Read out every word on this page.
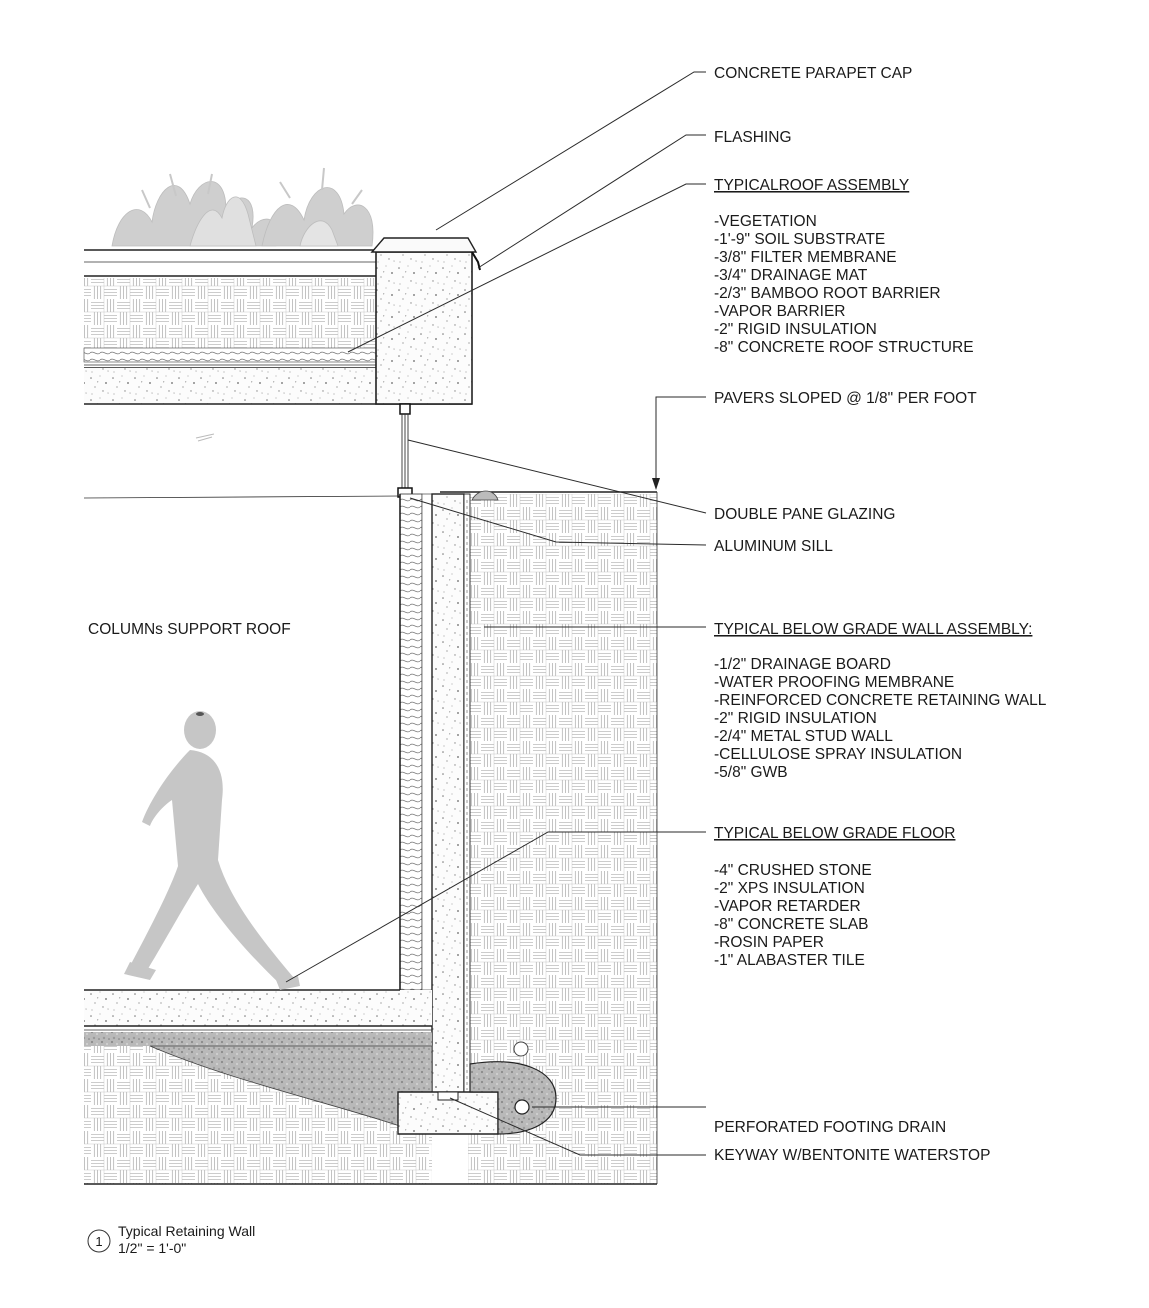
CONCRETE PARAPET CAP
FLASHING
TYPICALROOF ASSEMBLY
-VEGETATION
-1'-9" SOIL SUBSTRATE
-3/8" FILTER MEMBRANE
-3/4" DRAINAGE MAT
-2/3" BAMBOO ROOT BARRIER
-VAPOR BARRIER
-2" RIGID INSULATION
-8" CONCRETE ROOF STRUCTURE
PAVERS SLOPED @ 1/8" PER FOOT
DOUBLE PANE GLAZING
ALUMINUM SILL
COLUMNs SUPPORT ROOF	TYPICAL BELOW GRADE WALL ASSEMBLY:
-1/2" DRAINAGE BOARD
-WATER PROOFING MEMBRANE
-REINFORCED CONCRETE RETAINING WALL
-2" RIGID INSULATION
-2/4" METAL STUD WALL
-CELLULOSE SPRAY INSULATION
-5/8" GWB
TYPICAL BELOW GRADE FLOOR
-4" CRUSHED STONE
-2" XPS INSULATION
-VAPOR RETARDER
-8" CONCRETE SLAB
-ROSIN PAPER
-1" ALABASTER TILE
PERFORATED FOOTING DRAIN
KEYWAY W/BENTONITE WATERSTOP
1
Typical Retaining Wall
1/2" = 1'-0"
